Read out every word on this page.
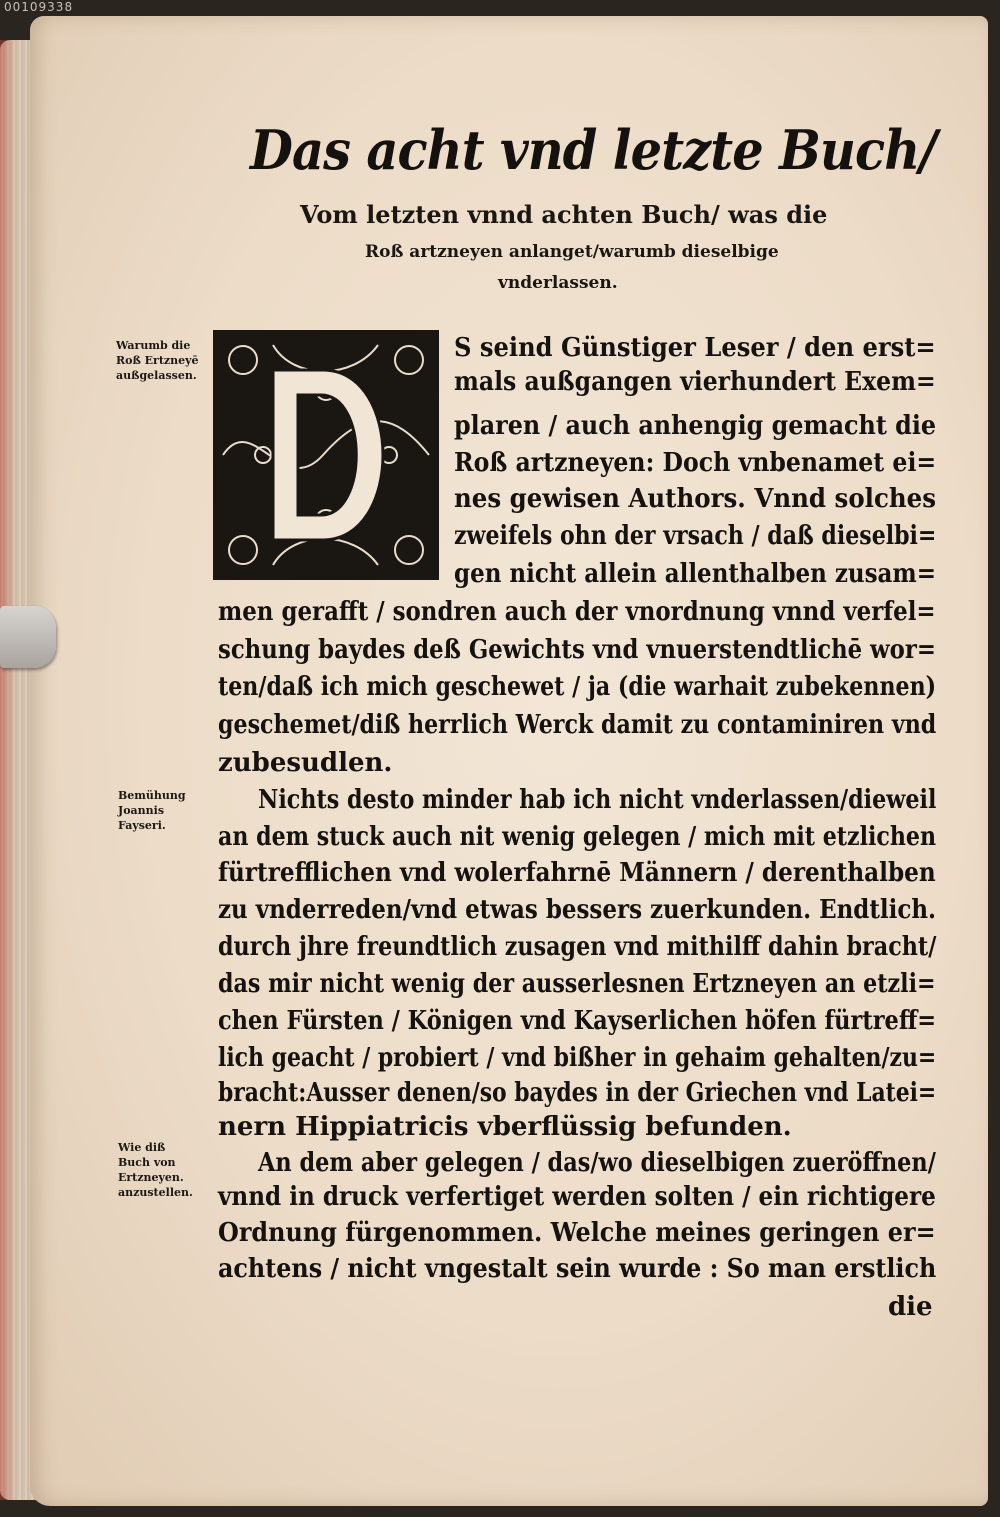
00109338
Das acht vnd letzte Buch/
Vom letzten vnnd achten Buch/ was die
Roß artzneyen anlanget/warumb dieselbige
vnderlassen.
Warumb die
Roß Ertzneyē
außgelassen.
Bemühung
Joannis
Fayseri.
Wie diß
Buch von
Ertzneyen.
anzustellen.
S seind Günstiger Leser / den erst=
mals außgangen vierhundert Exem=
plaren / auch anhengig gemacht die
Roß artzneyen: Doch vnbenamet ei=
nes gewisen Authors. Vnnd solches
zweifels ohn der vrsach / daß dieselbi=
gen nicht allein allenthalben zusam=
men gerafft / sondren auch der vnordnung vnnd verfel=
schung baydes deß Gewichts vnd vnuerstendtlichē wor=
ten/daß ich mich geschewet / ja (die warhait zubekennen)
geschemet/diß herrlich Werck damit zu contaminiren vnd
zubesudlen.
Nichts desto minder hab ich nicht vnderlassen/dieweil
an dem stuck auch nit wenig gelegen / mich mit etzlichen
fürtrefflichen vnd wolerfahrnē Männern / derenthalben
zu vnderreden/vnd etwas bessers zuerkunden. Endtlich.
durch jhre freundtlich zusagen vnd mithilff dahin bracht/
das mir nicht wenig der ausserlesnen Ertzneyen an etzli=
chen Fürsten / Königen vnd Kayserlichen höfen fürtreff=
lich geacht / probiert / vnd bißher in gehaim gehalten/zu=
bracht:Ausser denen/so baydes in der Griechen vnd Latei=
nern Hippiatricis vberflüssig befunden.
An dem aber gelegen / das/wo dieselbigen zueröffnen/
vnnd in druck verfertiget werden solten / ein richtigere
Ordnung fürgenommen. Welche meines geringen er=
achtens / nicht vngestalt sein wurde : So man erstlich
die
